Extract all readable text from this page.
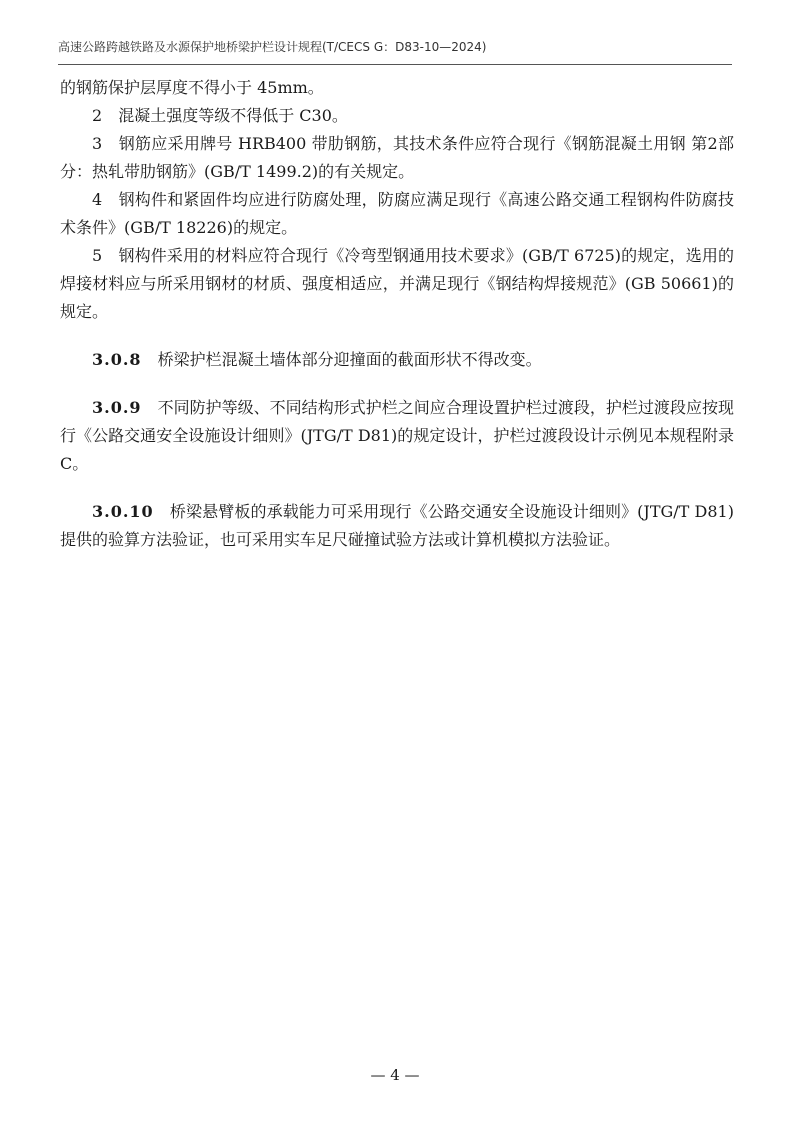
高速公路跨越铁路及水源保护地桥梁护栏设计规程(T/CECS G：D83-10—2024)

的钢筋保护层厚度不得小于 45mm。

2　 混凝土强度等级不得低于 C30。

3　 钢筋应采用牌号 HRB400 带肋钢筋，其技术条件应符合现行《钢筋混凝土用钢 第2部分：热轧带肋钢筋》(GB/T 1499.2)的有关规定。

4　 钢构件和紧固件均应进行防腐处理，防腐应满足现行《高速公路交通工程钢构件防腐技术条件》(GB/T 18226)的规定。

5　 钢构件采用的材料应符合现行《冷弯型钢通用技术要求》(GB/T 6725)的规定，选用的焊接材料应与所采用钢材的材质、强度相适应，并满足现行《钢结构焊接规范》(GB 50661)的规定。

3.0.8　 桥梁护栏混凝土墙体部分迎撞面的截面形状不得改变。

3.0.9　 不同防护等级、不同结构形式护栏之间应合理设置护栏过渡段，护栏过渡段应按现行《公路交通安全设施设计细则》(JTG/T D81)的规定设计，护栏过渡段设计示例见本规程附录 C。

3.0.10　 桥梁悬臂板的承载能力可采用现行《公路交通安全设施设计细则》(JTG/T D81)提供的验算方法验证，也可采用实车足尺碰撞试验方法或计算机模拟方法验证。

— 4 —
